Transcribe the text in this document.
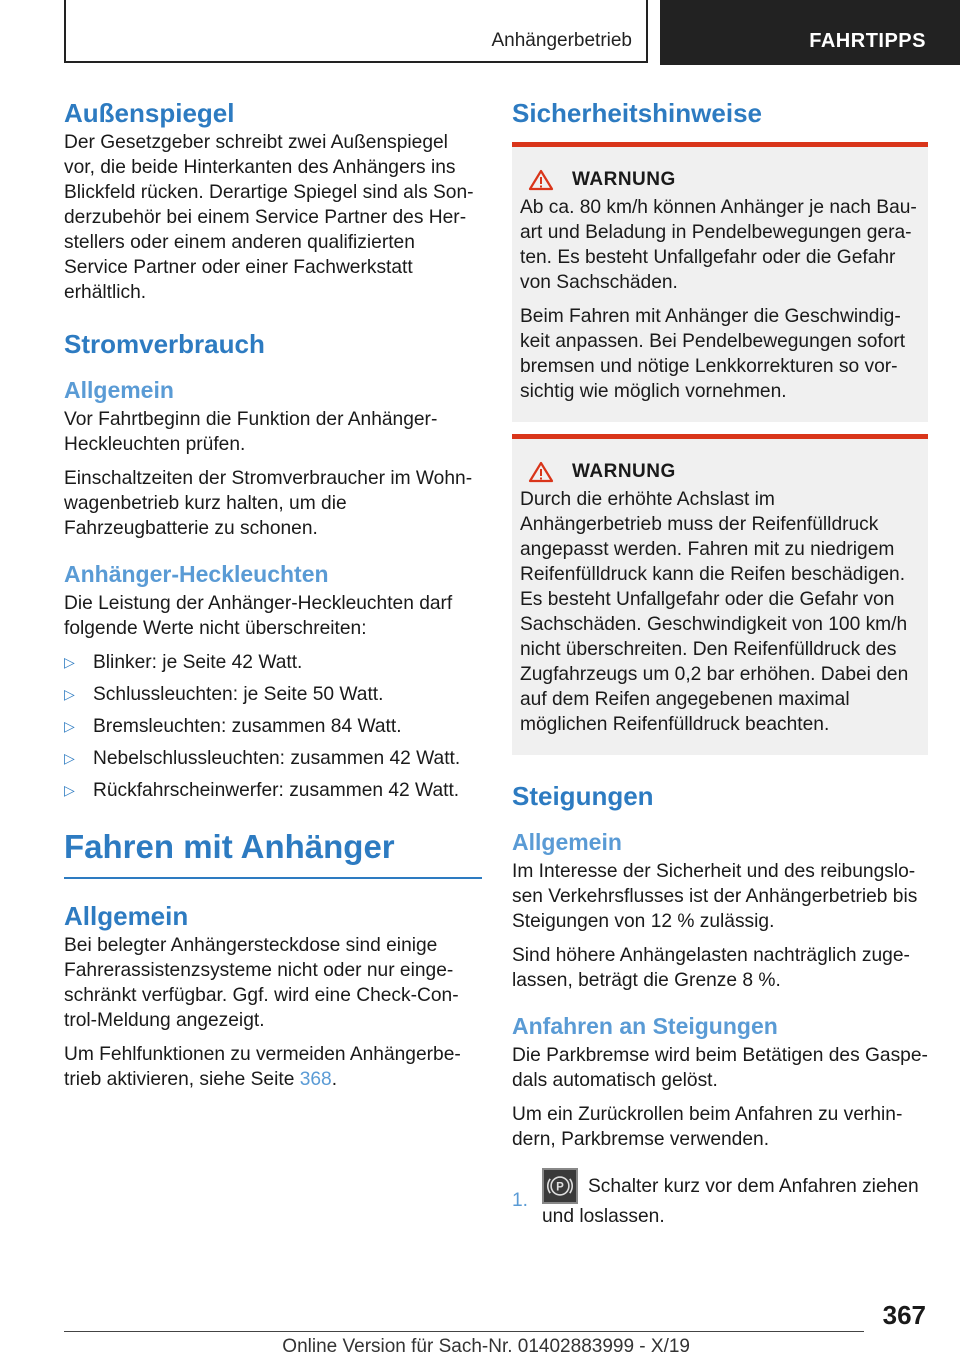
Anhängerbetrieb	FAHRTIPPS
Außenspiegel

Der Gesetzgeber schreibt zwei Außenspiegel vor, die beide Hinterkanten des Anhängers ins Blickfeld rücken. Derartige Spiegel sind als Sonderzubehör bei einem Service Partner des Herstellers oder einem anderen qualifizierten Service Partner oder einer Fachwerkstatt erhältlich.

Stromverbrauch
Allgemein

Vor Fahrtbeginn die Funktion der Anhänger-Heckleuchten prüfen.

Einschaltzeiten der Stromverbraucher im Wohnwagenbetrieb kurz halten, um die Fahrzeugbatterie zu schonen.

Anhänger-Heckleuchten

Die Leistung der Anhänger-Heckleuchten darf folgende Werte nicht überschreiten:

▷ Blinker: je Seite 42 Watt.
▷ Schlussleuchten: je Seite 50 Watt.
▷ Bremsleuchten: zusammen 84 Watt.
▷ Nebelschlussleuchten: zusammen 42 Watt.
▷ Rückfahrscheinwerfer: zusammen 42 Watt.
Fahren mit Anhänger
Allgemein

Bei belegter Anhängersteckdose sind einige Fahrerassistenzsysteme nicht oder nur eingeschränkt verfügbar. Ggf. wird eine Check-Control-Meldung angezeigt.

Um Fehlfunktionen zu vermeiden Anhängerbetrieb aktivieren, siehe Seite 368.

Sicherheitshinweise
WARNUNG

Ab ca. 80 km/h können Anhänger je nach Bauart und Beladung in Pendelbewegungen geraten. Es besteht Unfallgefahr oder die Gefahr von Sachschäden.

Beim Fahren mit Anhänger die Geschwindigkeit anpassen. Bei Pendelbewegungen sofort bremsen und nötige Lenkkorrekturen so vorsichtig wie möglich vornehmen.

WARNUNG

Durch die erhöhte Achslast im Anhängerbetrieb muss der Reifenfülldruck angepasst werden. Fahren mit zu niedrigem Reifenfülldruck kann die Reifen beschädigen. Es besteht Unfallgefahr oder die Gefahr von Sachschäden. Geschwindigkeit von 100 km/h nicht überschreiten. Den Reifenfülldruck des Zugfahrzeugs um 0,2 bar erhöhen. Dabei den auf dem Reifen angegebenen maximal möglichen Reifenfülldruck beachten.

Steigungen
Allgemein

Im Interesse der Sicherheit und des reibungslosen Verkehrsflusses ist der Anhängerbetrieb bis Steigungen von 12 % zulässig.

Sind höhere Anhängelasten nachträglich zugelassen, beträgt die Grenze 8 %.

Anfahren an Steigungen

Die Parkbremse wird beim Betätigen des Gaspedals automatisch gelöst.

Um ein Zurückrollen beim Anfahren zu verhindern, Parkbremse verwenden.

1.
P Schalter kurz vor dem Anfahren ziehen und loslassen.
367
Online Version für Sach-Nr. 01402883999 - X/19
